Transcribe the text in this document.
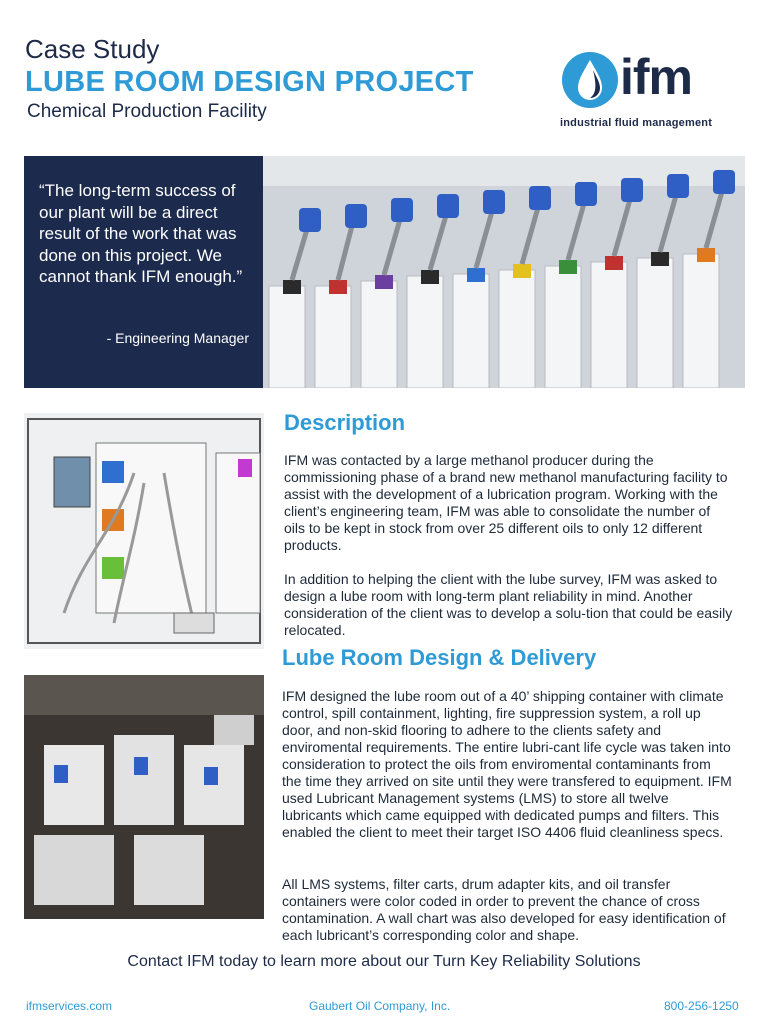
Case Study
LUBE ROOM DESIGN PROJECT
Chemical Production Facility
ifm
industrial fluid management
“The long-term success of our plant will be a direct result of the work that was done on this project. We cannot thank IFM enough.”
- Engineering Manager
Description
IFM was contacted by a large methanol producer during the commissioning phase of a brand new methanol manufacturing facility to assist with the development of a lubrication program. Working with the client’s engineering team, IFM was able to consolidate the number of oils to be kept in stock from over 25 different oils to only 12 different products.
In addition to helping the client with the lube survey, IFM was asked to design a lube room with long-term plant reliability in mind. Another consideration of the client was to develop a solu-tion that could be easily relocated.
Lube Room Design & Delivery
IFM designed the lube room out of a 40’ shipping container with climate control, spill containment, lighting, fire suppression system, a roll up door, and non-skid flooring to adhere to the clients safety and enviromental requirements. The entire lubri-cant life cycle was taken into consideration to protect the oils from enviromental contaminants from the time they arrived on site until they were transfered to equipment. IFM used Lubricant Management systems (LMS) to store all twelve lubricants which came equipped with dedicated pumps and filters. This enabled the client to meet their target ISO 4406 fluid cleanliness specs.
All LMS systems, filter carts, drum adapter kits, and oil transfer containers were color coded in order to prevent the chance of cross contamination. A wall chart was also developed for easy identification of each lubricant’s corresponding color and shape.
Contact IFM today to learn more about our Turn Key Reliability Solutions
ifmservices.com	Gaubert Oil Company, Inc.	800-256-1250
